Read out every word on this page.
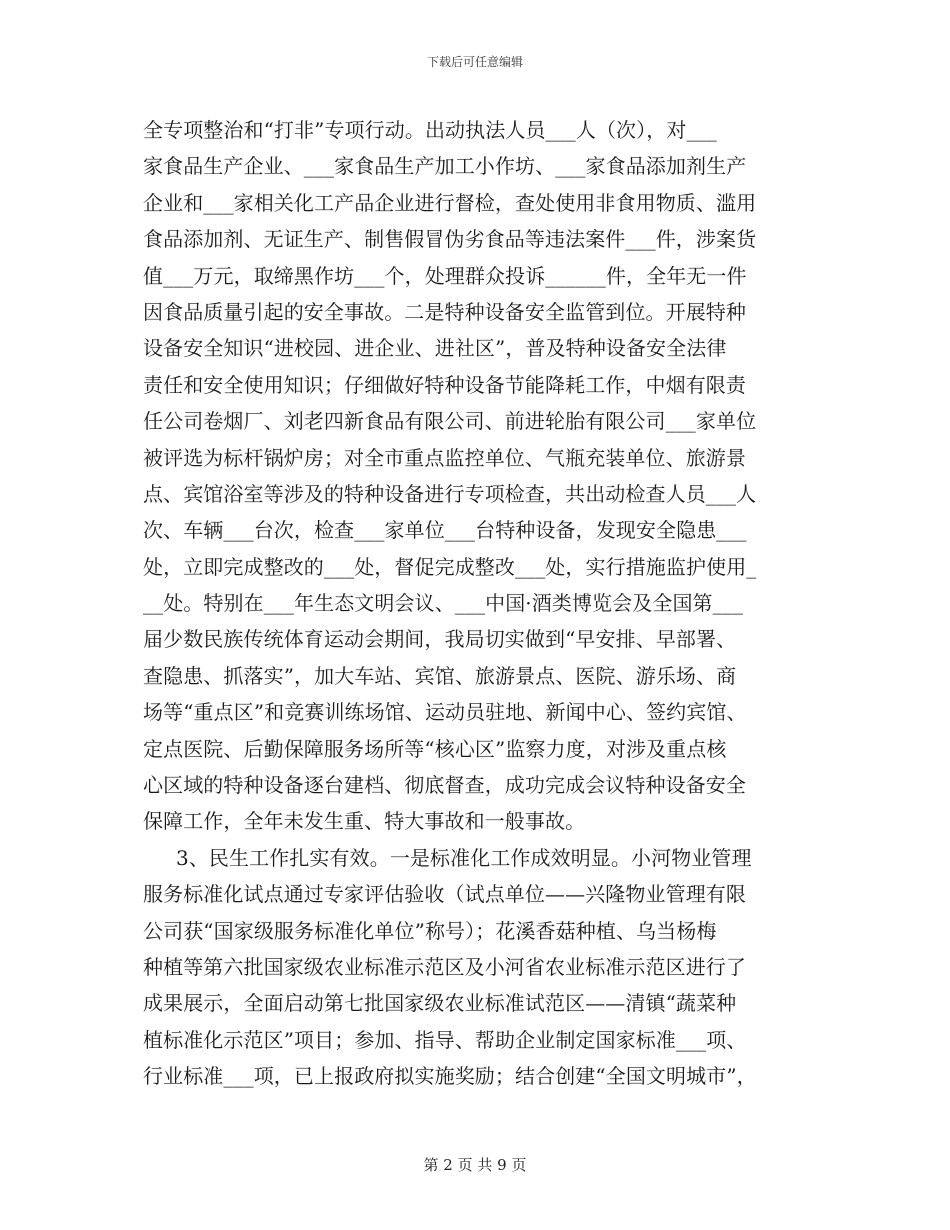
下载后可任意编辑
全专项整治和“打非”专项行动。出动执法人员___人（次），对___
家食品生产企业、___家食品生产加工小作坊、___家食品添加剂生产
企业和___家相关化工产品企业进行督检，查处使用非食用物质、滥用
食品添加剂、无证生产、制售假冒伪劣食品等违法案件___件，涉案货
值___万元，取缔黑作坊___个，处理群众投诉______件，全年无一件
因食品质量引起的安全事故。二是特种设备安全监管到位。开展特种
设备安全知识“进校园、进企业、进社区”，普及特种设备安全法律
责任和安全使用知识；仔细做好特种设备节能降耗工作，中烟有限责
任公司卷烟厂、刘老四新食品有限公司、前进轮胎有限公司___家单位
被评选为标杆锅炉房；对全市重点监控单位、气瓶充装单位、旅游景
点、宾馆浴室等涉及的特种设备进行专项检查，共出动检查人员___人
次、车辆___台次，检查___家单位___台特种设备，发现安全隐患___
处，立即完成整改的___处，督促完成整改___处，实行措施监护使用_
__处。特别在___年生态文明会议、___中国·酒类博览会及全国第___
届少数民族传统体育运动会期间，我局切实做到“早安排、早部署、
查隐患、抓落实”，加大车站、宾馆、旅游景点、医院、游乐场、商
场等“重点区”和竞赛训练场馆、运动员驻地、新闻中心、签约宾馆、
定点医院、后勤保障服务场所等“核心区”监察力度，对涉及重点核
心区域的特种设备逐台建档、彻底督查，成功完成会议特种设备安全
保障工作，全年未发生重、特大事故和一般事故。
3、民生工作扎实有效。一是标准化工作成效明显。小河物业管理
服务标准化试点通过专家评估验收（试点单位——兴隆物业管理有限
公司获“国家级服务标准化单位”称号）；花溪香菇种植、乌当杨梅
种植等第六批国家级农业标准示范区及小河省农业标准示范区进行了
成果展示，全面启动第七批国家级农业标准试范区——清镇“蔬菜种
植标准化示范区”项目；参加、指导、帮助企业制定国家标准___项、
行业标准___项，已上报政府拟实施奖励；结合创建“全国文明城市”，
第 2 页 共 9 页
